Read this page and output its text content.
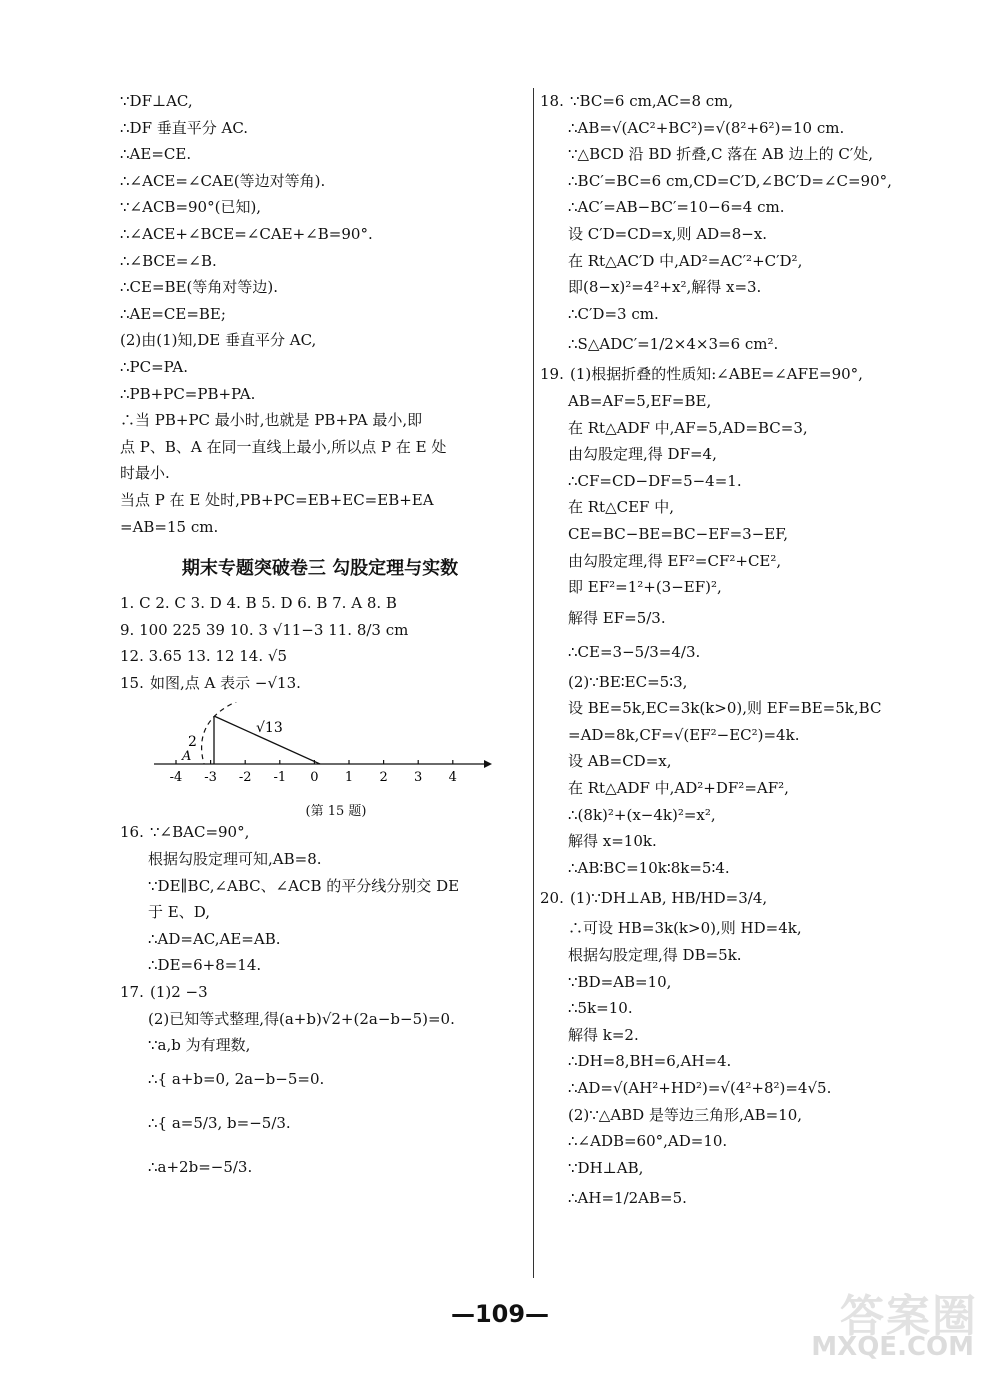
∵DF⊥AC,
∴DF 垂直平分 AC.
∴AE=CE.
∴∠ACE=∠CAE(等边对等角).
∵∠ACB=90°(已知),
∴∠ACE+∠BCE=∠CAE+∠B=90°.
∴∠BCE=∠B.
∴CE=BE(等角对等边).
∴AE=CE=BE;
(2)由(1)知,DE 垂直平分 AC,
∴PC=PA.
∴PB+PC=PB+PA.
∴当 PB+PC 最小时,也就是 PB+PA 最小,即
点 P、B、A 在同一直线上最小,所以点 P 在 E 处
时最小.
当点 P 在 E 处时,PB+PC=EB+EC=EB+EA
=AB=15 cm.
期末专题突破卷三 勾股定理与实数
1. C 2. C 3. D 4. B 5. D 6. B 7. A 8. B
9. 100 225 39 10. 3 √11−3 11. 8/3 cm
12. 3.65 13. 12 14. √5
15. 如图,点 A 表示 −√13.
-4 -3 -2 -1 0 1 2 3 4
A
2
√13
(第 15 题)
16. ∵∠BAC=90°,
根据勾股定理可知,AB=8.
∵DE∥BC,∠ABC、∠ACB 的平分线分别交 DE
于 E、D,
∴AD=AC,AE=AB.
∴DE=6+8=14.
17. (1)2 −3
(2)已知等式整理,得(a+b)√2+(2a−b−5)=0.
∵a,b 为有理数,
∴{ a+b=0, 2a−b−5=0.
∴{ a=5/3, b=−5/3.
∴a+2b=−5/3.
18. ∵BC=6 cm,AC=8 cm,
∴AB=√(AC²+BC²)=√(8²+6²)=10 cm.
∵△BCD 沿 BD 折叠,C 落在 AB 边上的 C′处,
∴BC′=BC=6 cm,CD=C′D,∠BC′D=∠C=90°,
∴AC′=AB−BC′=10−6=4 cm.
设 C′D=CD=x,则 AD=8−x.
在 Rt△AC′D 中,AD²=AC′²+C′D²,
即(8−x)²=4²+x²,解得 x=3.
∴C′D=3 cm.
∴S△ADC′=1/2×4×3=6 cm².
19. (1)根据折叠的性质知:∠ABE=∠AFE=90°,
AB=AF=5,EF=BE,
在 Rt△ADF 中,AF=5,AD=BC=3,
由勾股定理,得 DF=4,
∴CF=CD−DF=5−4=1.
在 Rt△CEF 中,
CE=BC−BE=BC−EF=3−EF,
由勾股定理,得 EF²=CF²+CE²,
即 EF²=1²+(3−EF)²,
解得 EF=5/3.
∴CE=3−5/3=4/3.
(2)∵BE∶EC=5∶3,
设 BE=5k,EC=3k(k>0),则 EF=BE=5k,BC
=AD=8k,CF=√(EF²−EC²)=4k.
设 AB=CD=x,
在 Rt△ADF 中,AD²+DF²=AF²,
∴(8k)²+(x−4k)²=x²,
解得 x=10k.
∴AB∶BC=10k∶8k=5∶4.
20. (1)∵DH⊥AB, HB/HD=3/4,
∴可设 HB=3k(k>0),则 HD=4k,
根据勾股定理,得 DB=5k.
∵BD=AB=10,
∴5k=10.
解得 k=2.
∴DH=8,BH=6,AH=4.
∴AD=√(AH²+HD²)=√(4²+8²)=4√5.
(2)∵△ABD 是等边三角形,AB=10,
∴∠ADB=60°,AD=10.
∵DH⊥AB,
∴AH=1/2AB=5.
—109—	答案圈
MXQE.COM
